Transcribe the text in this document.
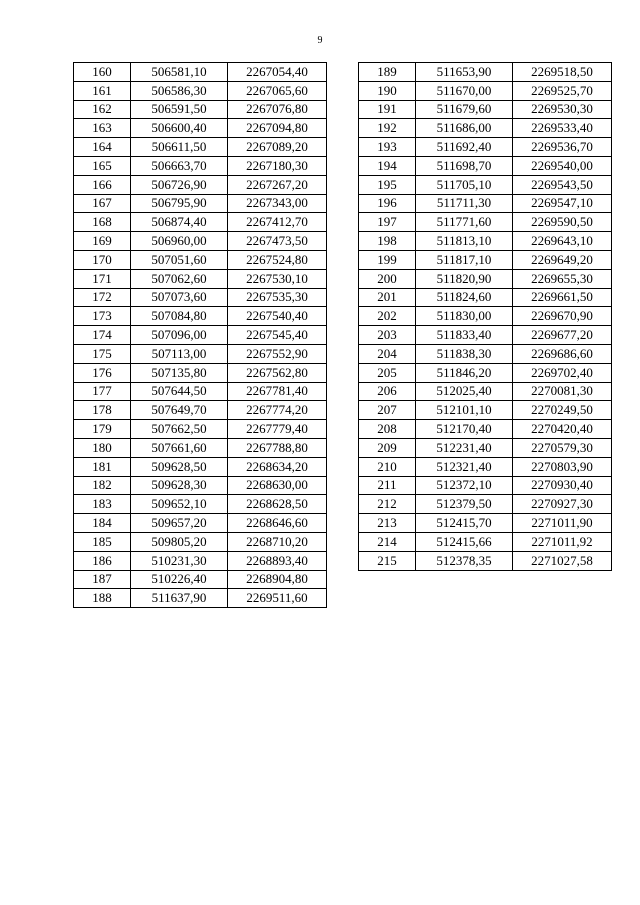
9
160	506581,10	2267054,40
161	506586,30	2267065,60
162	506591,50	2267076,80
163	506600,40	2267094,80
164	506611,50	2267089,20
165	506663,70	2267180,30
166	506726,90	2267267,20
167	506795,90	2267343,00
168	506874,40	2267412,70
169	506960,00	2267473,50
170	507051,60	2267524,80
171	507062,60	2267530,10
172	507073,60	2267535,30
173	507084,80	2267540,40
174	507096,00	2267545,40
175	507113,00	2267552,90
176	507135,80	2267562,80
177	507644,50	2267781,40
178	507649,70	2267774,20
179	507662,50	2267779,40
180	507661,60	2267788,80
181	509628,50	2268634,20
182	509628,30	2268630,00
183	509652,10	2268628,50
184	509657,20	2268646,60
185	509805,20	2268710,20
186	510231,30	2268893,40
187	510226,40	2268904,80
188	511637,90	2269511,60
189	511653,90	2269518,50
190	511670,00	2269525,70
191	511679,60	2269530,30
192	511686,00	2269533,40
193	511692,40	2269536,70
194	511698,70	2269540,00
195	511705,10	2269543,50
196	511711,30	2269547,10
197	511771,60	2269590,50
198	511813,10	2269643,10
199	511817,10	2269649,20
200	511820,90	2269655,30
201	511824,60	2269661,50
202	511830,00	2269670,90
203	511833,40	2269677,20
204	511838,30	2269686,60
205	511846,20	2269702,40
206	512025,40	2270081,30
207	512101,10	2270249,50
208	512170,40	2270420,40
209	512231,40	2270579,30
210	512321,40	2270803,90
211	512372,10	2270930,40
212	512379,50	2270927,30
213	512415,70	2271011,90
214	512415,66	2271011,92
215	512378,35	2271027,58
